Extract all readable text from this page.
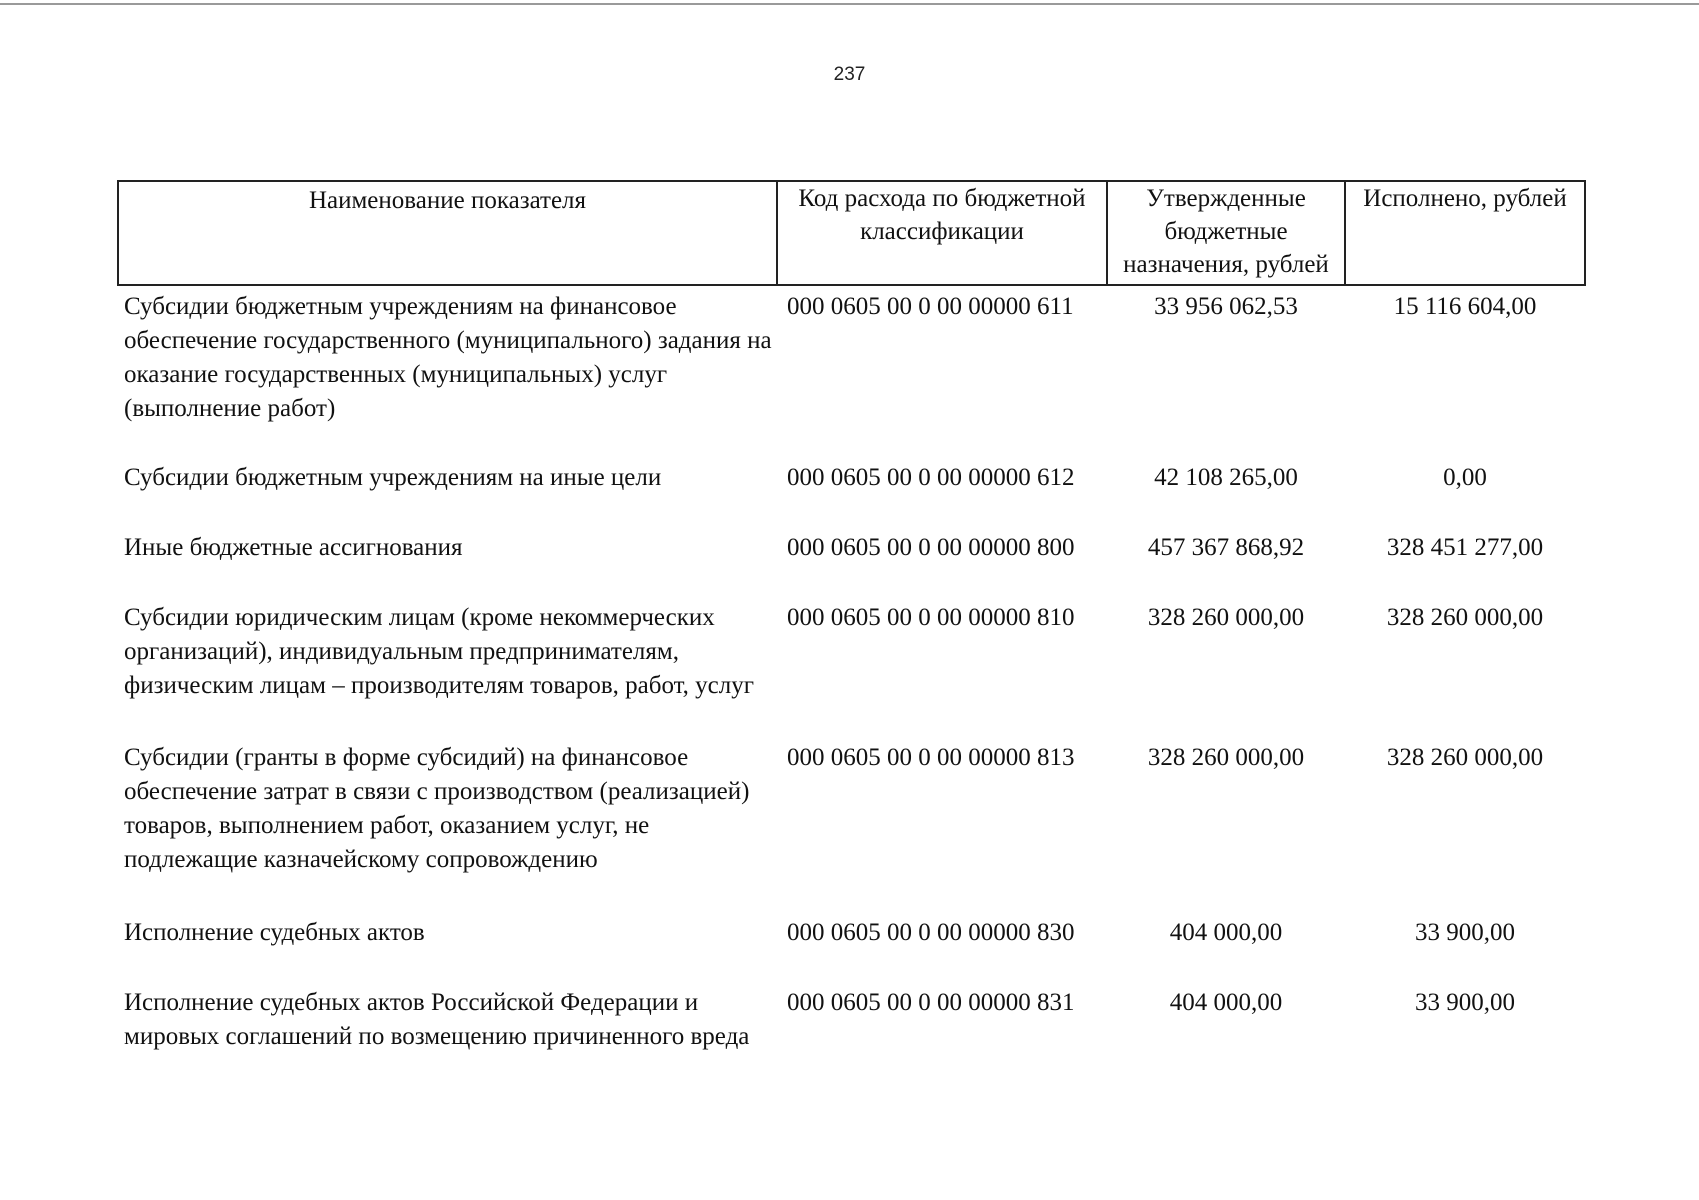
237
Наименование показателя	Код расхода по бюджетной классификации	Утвержденные бюджетные назначения, рублей	Исполнено, рублей
Субсидии бюджетным учреждениям на финансовое обеспечение государственного (муниципального) задания на оказание государственных (муниципальных) услуг (выполнение работ)	000 0605 00 0 00 00000 611	33 956 062,53	15 116 604,00
Субсидии бюджетным учреждениям на иные цели	000 0605 00 0 00 00000 612	42 108 265,00	0,00
Иные бюджетные ассигнования	000 0605 00 0 00 00000 800	457 367 868,92	328 451 277,00
Субсидии юридическим лицам (кроме некоммерческих организаций), индивидуальным предпринимателям, физическим лицам – производителям товаров, работ, услуг	000 0605 00 0 00 00000 810	328 260 000,00	328 260 000,00
Субсидии (гранты в форме субсидий) на финансовое обеспечение затрат в связи с производством (реализацией) товаров, выполнением работ, оказанием услуг, не подлежащие казначейскому сопровождению	000 0605 00 0 00 00000 813	328 260 000,00	328 260 000,00
Исполнение судебных актов	000 0605 00 0 00 00000 830	404 000,00	33 900,00
Исполнение судебных актов Российской Федерации и мировых соглашений по возмещению причиненного вреда	000 0605 00 0 00 00000 831	404 000,00	33 900,00
